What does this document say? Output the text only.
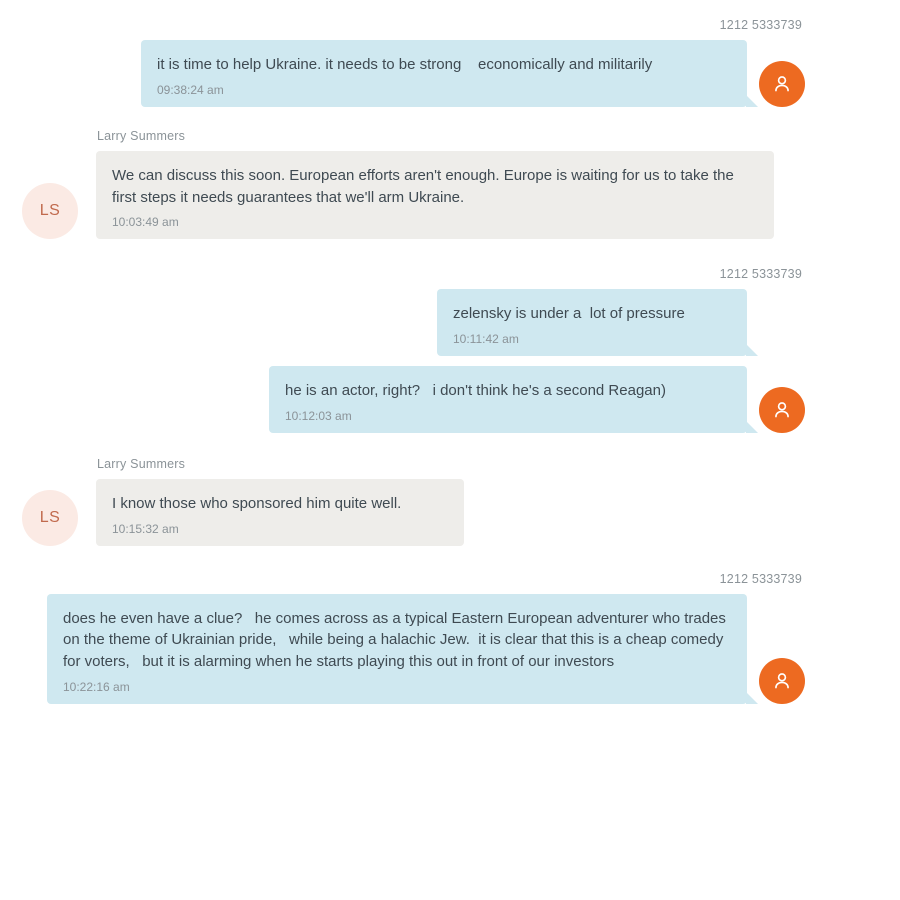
1212 5333739
it is time to help Ukraine. it needs to be strong    economically and militarily
09:38:24 am
Larry Summers
LS
We can discuss this soon. European efforts aren't enough. Europe is waiting for us to take the first steps it needs guarantees that we'll arm Ukraine.
10:03:49 am
1212 5333739
zelensky is under a  lot of pressure
10:11:42 am
he is an actor, right?   i don't think he's a second Reagan)
10:12:03 am
Larry Summers
LS
I know those who sponsored him quite well.
10:15:32 am
1212 5333739
does he even have a clue?   he comes across as a typical Eastern European adventurer who trades on the theme of Ukrainian pride,   while being a halachic Jew.  it is clear that this is a cheap comedy for voters,   but it is alarming when he starts playing this out in front of our investors
10:22:16 am
